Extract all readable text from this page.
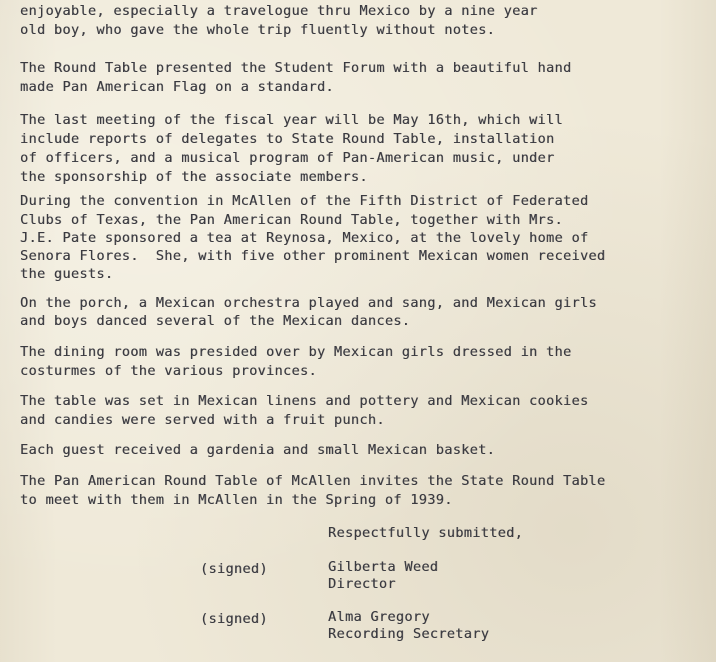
enjoyable, especially a travelogue thru Mexico by a nine year
old boy, who gave the whole trip fluently without notes.
The Round Table presented the Student Forum with a beautiful hand
made Pan American Flag on a standard.
The last meeting of the fiscal year will be May 16th, which will
include reports of delegates to State Round Table, installation
of officers, and a musical program of Pan-American music, under
the sponsorship of the associate members.
During the convention in McAllen of the Fifth District of Federated
Clubs of Texas, the Pan American Round Table, together with Mrs.
J.E. Pate sponsored a tea at Reynosa, Mexico, at the lovely home of
Senora Flores.  She, with five other prominent Mexican women received
the guests.
On the porch, a Mexican orchestra played and sang, and Mexican girls
and boys danced several of the Mexican dances.
The dining room was presided over by Mexican girls dressed in the
costurmes of the various provinces.
The table was set in Mexican linens and pottery and Mexican cookies
and candies were served with a fruit punch.
Each guest received a gardenia and small Mexican basket.
The Pan American Round Table of McAllen invites the State Round Table
to meet with them in McAllen in the Spring of 1939.
Respectfully submitted,
(signed)	Gilberta Weed
Director
(signed)	Alma Gregory
Recording Secretary
